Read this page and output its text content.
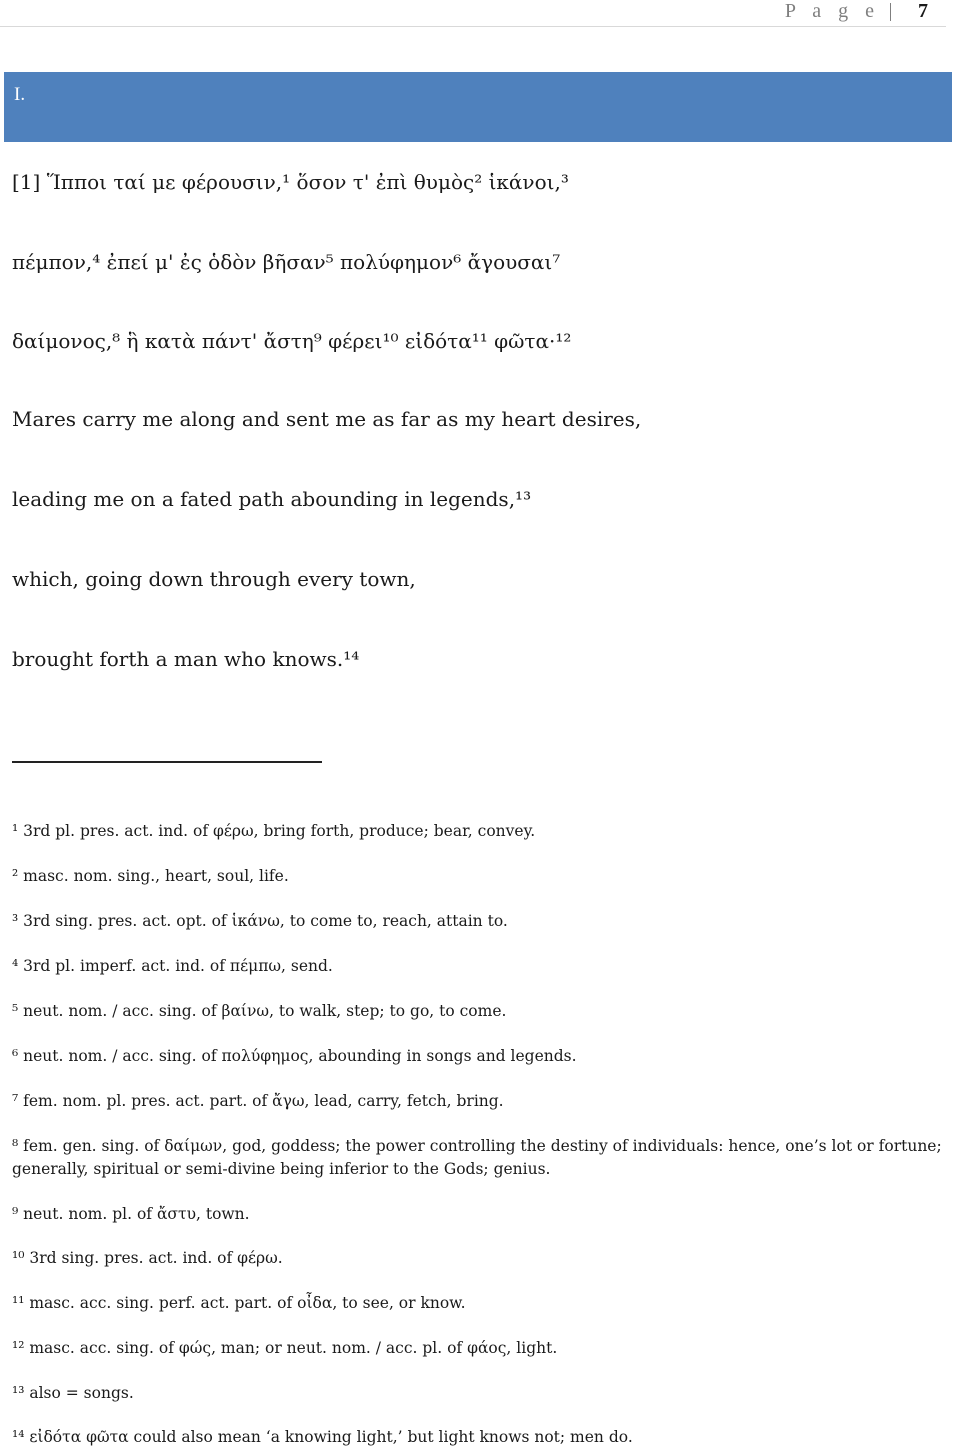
P a g e 7
I.
[1] Ἵπποι ταί με φέρουσιν,¹ ὅσον τ' ἐπὶ θυμὸς² ἱκάνοι,³
πέμπον,⁴ ἐπεί μ' ἐς ὁδὸν βῆσαν⁵ πολύφημον⁶ ἄγουσαι⁷
δαίμονος,⁸ ἣ κατὰ πάντ' ἄστη⁹ φέρει¹⁰ εἰδότα¹¹ φῶτα·¹²
Mares carry me along and sent me as far as my heart desires,
leading me on a fated path abounding in legends,¹³
which, going down through every town,
brought forth a man who knows.¹⁴
¹ 3rd pl. pres. act. ind. of φέρω, bring forth, produce; bear, convey.
² masc. nom. sing., heart, soul, life.
³ 3rd sing. pres. act. opt. of ἱκάνω, to come to, reach, attain to.
⁴ 3rd pl. imperf. act. ind. of πέμπω, send.
⁵ neut. nom. / acc. sing. of βαίνω, to walk, step; to go, to come.
⁶ neut. nom. / acc. sing. of πολύφημος, abounding in songs and legends.
⁷ fem. nom. pl. pres. act. part. of ἄγω, lead, carry, fetch, bring.
⁸ fem. gen. sing. of δαίμων, god, goddess; the power controlling the destiny of individuals: hence, one’s lot or fortune; generally, spiritual or semi-divine being inferior to the Gods; genius.
⁹ neut. nom. pl. of ἄστυ, town.
¹⁰ 3rd sing. pres. act. ind. of φέρω.
¹¹ masc. acc. sing. perf. act. part. of οἶδα, to see, or know.
¹² masc. acc. sing. of φώς, man; or neut. nom. / acc. pl. of φάος, light.
¹³ also = songs.
¹⁴ εἰδότα φῶτα could also mean ‘a knowing light,’ but light knows not; men do.
